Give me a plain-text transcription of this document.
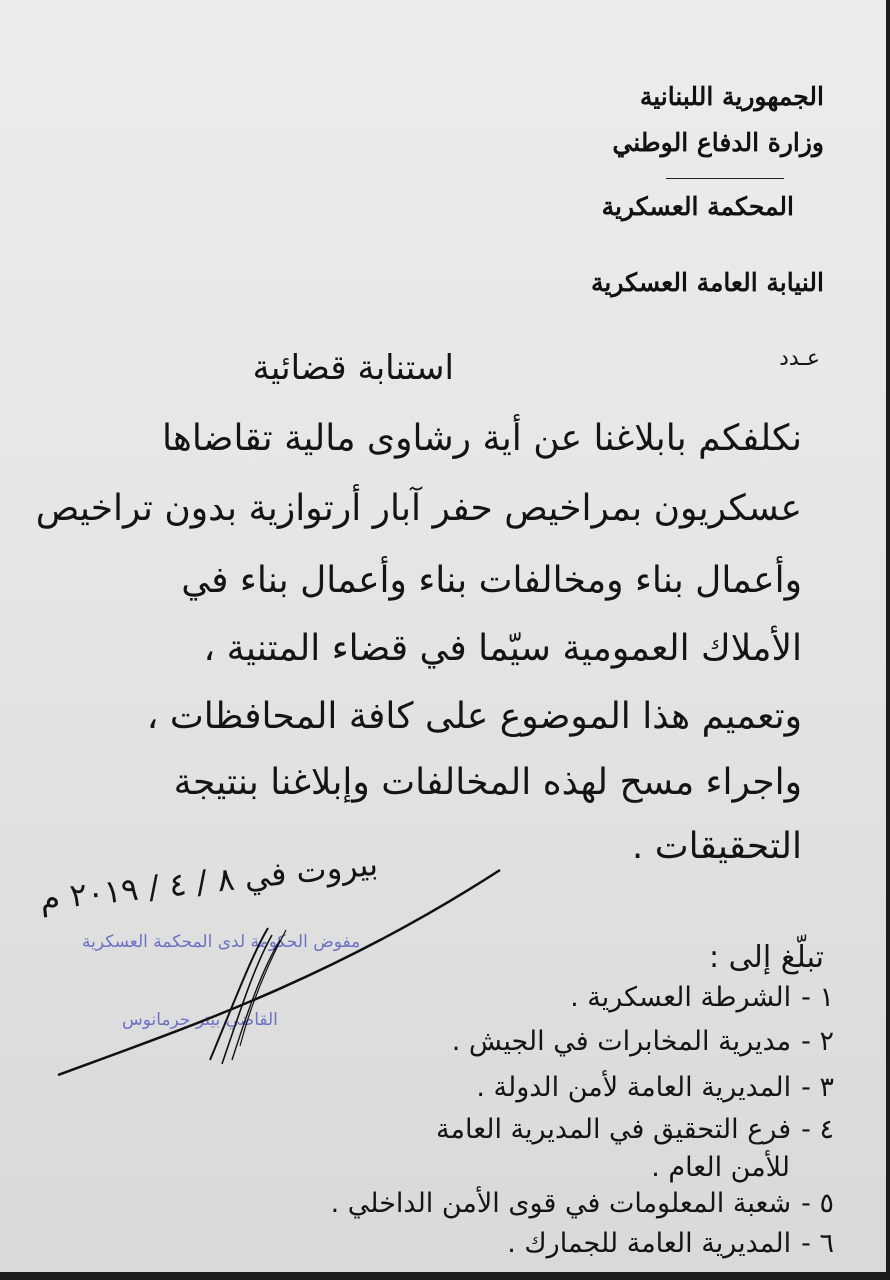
الجمهورية اللبنانية
وزارة الدفاع الوطني
المحكمة العسكرية
النيابة العامة العسكرية
عـدد
استنابة قضائية
نكلفكم بابلاغنا عن أية رشاوى مالية تقاضاها
عسكريون بمراخيص حفر آبار أرتوازية بدون تراخيص
وأعمال بناء ومخالفات بناء وأعمال بناء في
الأملاك العمومية سيّما في قضاء المتنية ،
وتعميم هذا الموضوع على كافة المحافظات ،
واجراء مسح لهذه المخالفات وإبلاغنا بنتيجة
التحقيقات .
بيروت في ٨ / ٤ / ٢٠١٩ م
مفوض الحكومة لدى المحكمة العسكرية
القاضي بيتر جرمانوس
تبلّغ إلى :
١ -الشرطة العسكرية .
٢ -مديرية المخابرات في الجيش .
٣ -المديرية العامة لأمن الدولة .
٤ -فرع التحقيق في المديرية العامة
للأمن العام .
٥ -شعبة المعلومات في قوى الأمن الداخلي .
٦ -المديرية العامة للجمارك .
